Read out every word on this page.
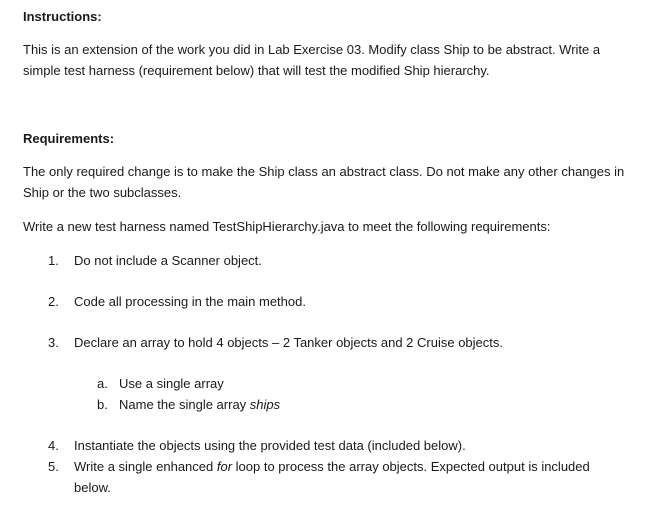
Instructions:
This is an extension of the work you did in Lab Exercise 03. Modify class Ship to be abstract. Write a
simple test harness (requirement below) that will test the modified Ship hierarchy.
Requirements:
The only required change is to make the Ship class an abstract class. Do not make any other changes in
Ship or the two subclasses.
Write a new test harness named TestShipHierarchy.java to meet the following requirements:
1. Do not include a Scanner object.
2. Code all processing in the main method.
3. Declare an array to hold 4 objects – 2 Tanker objects and 2 Cruise objects.
a. Use a single array
b. Name the single array ships
4. Instantiate the objects using the provided test data (included below).
5. Write a single enhanced for loop to process the array objects. Expected output is included
below.
